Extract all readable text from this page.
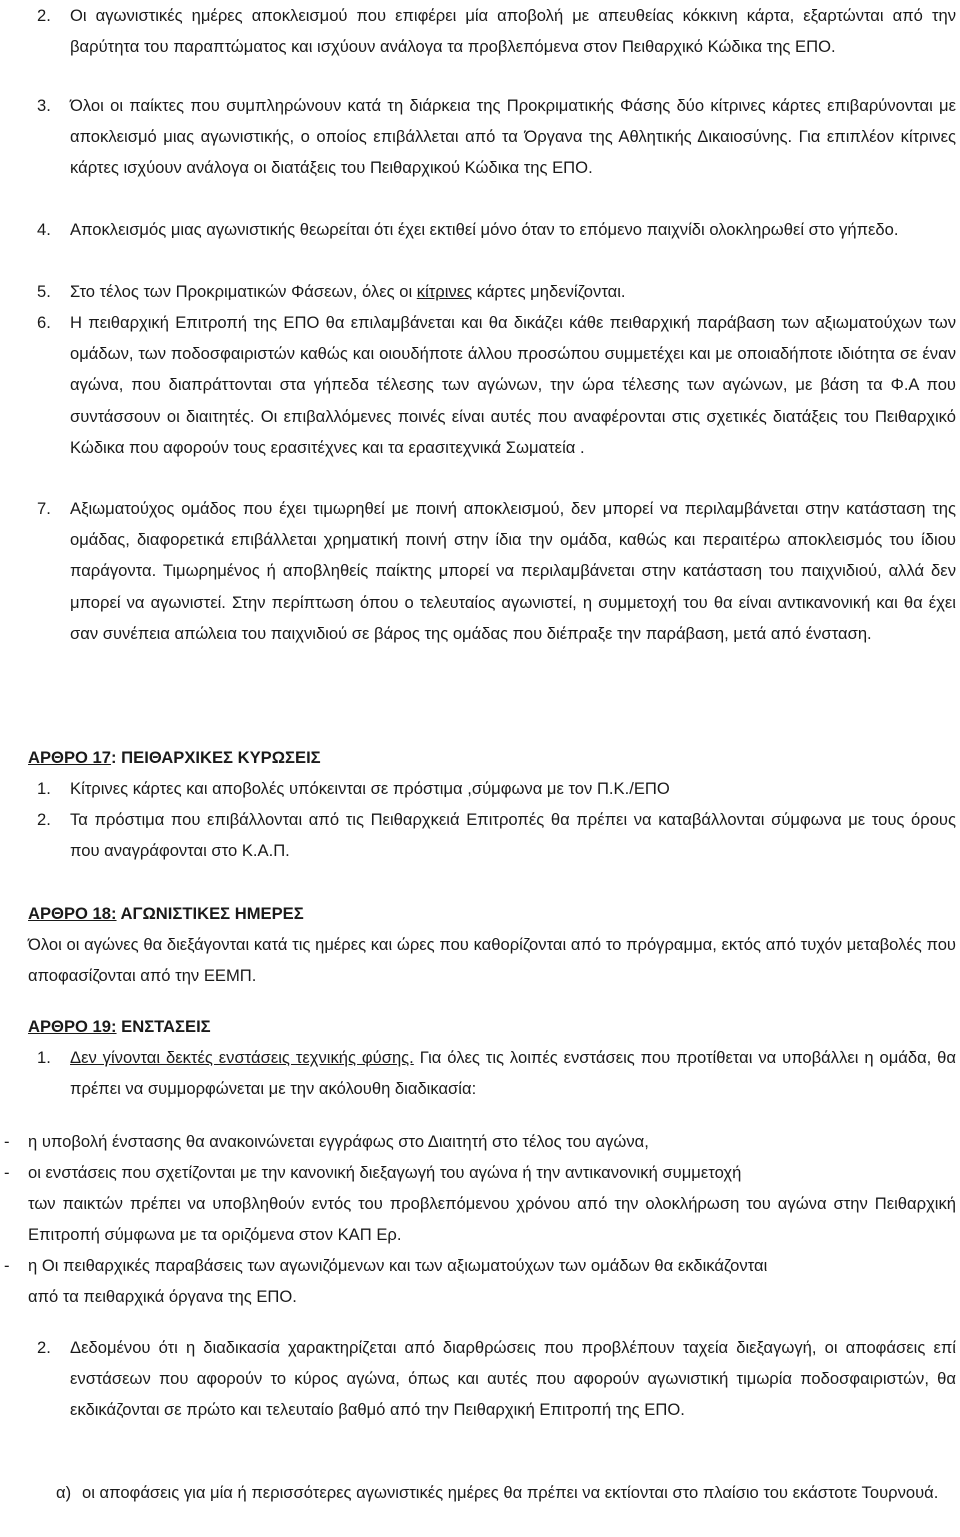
2. Οι αγωνιστικές ημέρες αποκλεισμού που επιφέρει μία αποβολή με απευθείας κόκκινη κάρτα, εξαρτώνται από την βαρύτητα του παραπτώματος και ισχύουν ανάλογα τα προβλεπόμενα στον Πειθαρχικό Κώδικα της ΕΠΟ.
3. Όλοι οι παίκτες που συμπληρώνουν κατά τη διάρκεια της Προκριματικής Φάσης δύο κίτρινες κάρτες επιβαρύνονται με αποκλεισμό μιας αγωνιστικής, ο οποίος επιβάλλεται από τα Όργανα της Αθλητικής Δικαιοσύνης. Για επιπλέον κίτρινες κάρτες ισχύουν ανάλογα οι διατάξεις του Πειθαρχικού Κώδικα της ΕΠΟ.
4. Αποκλεισμός μιας αγωνιστικής θεωρείται ότι έχει εκτιθεί μόνο όταν το επόμενο παιχνίδι ολοκληρωθεί στο γήπεδο.
5. Στο τέλος των Προκριματικών Φάσεων, όλες οι κίτρινες κάρτες μηδενίζονται.
6. Η πειθαρχική Επιτροπή της ΕΠΟ θα επιλαμβάνεται και θα δικάζει κάθε πειθαρχική παράβαση των αξιωματούχων των ομάδων, των ποδοσφαιριστών καθώς και οιουδήποτε άλλου προσώπου συμμετέχει και με οποιαδήποτε ιδιότητα σε έναν αγώνα, που διαπράττονται στα γήπεδα τέλεσης των αγώνων, την ώρα τέλεσης των αγώνων, με βάση τα Φ.Α που συντάσσουν οι διαιτητές. Οι επιβαλλόμενες ποινές είναι αυτές που αναφέρονται στις σχετικές διατάξεις του Πειθαρχικό Κώδικα που αφορούν τους ερασιτέχνες και τα ερασιτεχνικά Σωματεία .
7. Αξιωματούχος ομάδος που έχει τιμωρηθεί με ποινή αποκλεισμού, δεν μπορεί να περιλαμβάνεται στην κατάσταση της ομάδας, διαφορετικά επιβάλλεται χρηματική ποινή στην ίδια την ομάδα, καθώς και περαιτέρω αποκλεισμός του ίδιου παράγοντα. Τιμωρημένος ή αποβληθείς παίκτης μπορεί να περιλαμβάνεται στην κατάσταση του παιχνιδιού, αλλά δεν μπορεί να αγωνιστεί. Στην περίπτωση όπου ο τελευταίος αγωνιστεί, η συμμετοχή του θα είναι αντικανονική και θα έχει σαν συνέπεια απώλεια του παιχνιδιού σε βάρος της ομάδας που διέπραξε την παράβαση, μετά από ένσταση.
ΑΡΘΡΟ 17: ΠΕΙΘΑΡΧΙΚΕΣ ΚΥΡΩΣΕΙΣ
1. Κίτρινες κάρτες και αποβολές υπόκεινται σε πρόστιμα ,σύμφωνα με τον Π.Κ./ΕΠΟ
2. Τα πρόστιμα που επιβάλλονται από τις Πειθαρχκειά Επιτροπές θα πρέπει να καταβάλλονται σύμφωνα με τους όρους που αναγράφονται στο Κ.Α.Π.
ΑΡΘΡΟ 18: ΑΓΩΝΙΣΤΙΚΕΣ ΗΜΕΡΕΣ
Όλοι οι αγώνες θα διεξάγονται κατά τις ημέρες και ώρες που καθορίζονται από το πρόγραμμα, εκτός από τυχόν μεταβολές που αποφασίζονται από την ΕΕΜΠ.
ΑΡΘΡΟ 19: ΕΝΣΤΑΣΕΙΣ
1. Δεν γίνονται δεκτές ενστάσεις τεχνικής φύσης. Για όλες τις λοιπές ενστάσεις που προτίθεται να υποβάλλει η ομάδα, θα πρέπει να συμμορφώνεται με την ακόλουθη διαδικασία:
-	η υποβολή ένστασης θα ανακοινώνεται εγγράφως στο Διαιτητή στο τέλος του αγώνα,
-	οι ενστάσεις που σχετίζονται με την κανονική διεξαγωγή του αγώνα ή την αντικανονική συμμετοχή
των παικτών πρέπει να υποβληθούν εντός του προβλεπόμενου χρόνου από την ολοκλήρωση του αγώνα στην Πειθαρχική Επιτροπή σύμφωνα με τα οριζόμενα στον ΚΑΠ Ερ.
-	η Οι πειθαρχικές παραβάσεις των αγωνιζόμενων και των αξιωματούχων των ομάδων θα εκδικάζονται
από τα πειθαρχικά όργανα της ΕΠΟ.
2. Δεδομένου ότι η διαδικασία χαρακτηρίζεται από διαρθρώσεις που προβλέπουν ταχεία διεξαγωγή, οι αποφάσεις επί ενστάσεων που αφορούν το κύρος αγώνα, όπως και αυτές που αφορούν αγωνιστική τιμωρία ποδοσφαιριστών, θα εκδικάζονται σε πρώτο και τελευταίο βαθμό από την Πειθαρχική Επιτροπή της ΕΠΟ.
α) οι αποφάσεις για μία ή περισσότερες αγωνιστικές ημέρες θα πρέπει να εκτίονται στο πλαίσιο του εκάστοτε Τουρνουά.
